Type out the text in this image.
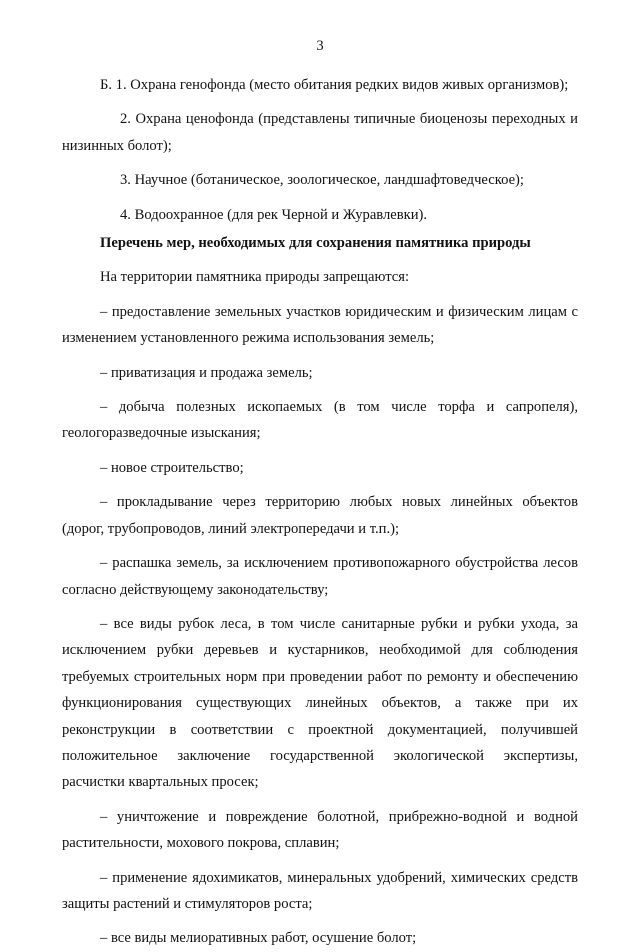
3

Б. 1. Охрана генофонда (место обитания редких видов живых организмов);

2. Охрана ценофонда (представлены типичные биоценозы переходных и низинных болот);

3. Научное (ботаническое, зоологическое, ландшафтоведческое);

4. Водоохранное (для рек Черной и Журавлевки).

Перечень мер, необходимых для сохранения памятника природы

На территории памятника природы запрещаются:

– предоставление земельных участков юридическим и физическим лицам с изменением установленного режима использования земель;

– приватизация и продажа земель;

– добыча полезных ископаемых (в том числе торфа и сапропеля), геологоразведочные изыскания;

– новое строительство;

– прокладывание через территорию любых новых линейных объектов (дорог, трубопроводов, линий электропередачи и т.п.);

– распашка земель, за исключением противопожарного обустройства лесов согласно действующему законодательству;

– все виды рубок леса, в том числе санитарные рубки и рубки ухода, за исключением рубки деревьев и кустарников, необходимой для соблюдения требуемых строительных норм при проведении работ по ремонту и обеспечению функционирования существующих линейных объектов, а также при их реконструкции в соответствии с проектной документацией, получившей положительное заключение государственной экологической экспертизы, расчистки квартальных просек;

– уничтожение и повреждение болотной, прибрежно-водной и водной растительности, мохового покрова, сплавин;

– применение ядохимикатов, минеральных удобрений, химических средств защиты растений и стимуляторов роста;

– все виды мелиоративных работ, осушение болот;
